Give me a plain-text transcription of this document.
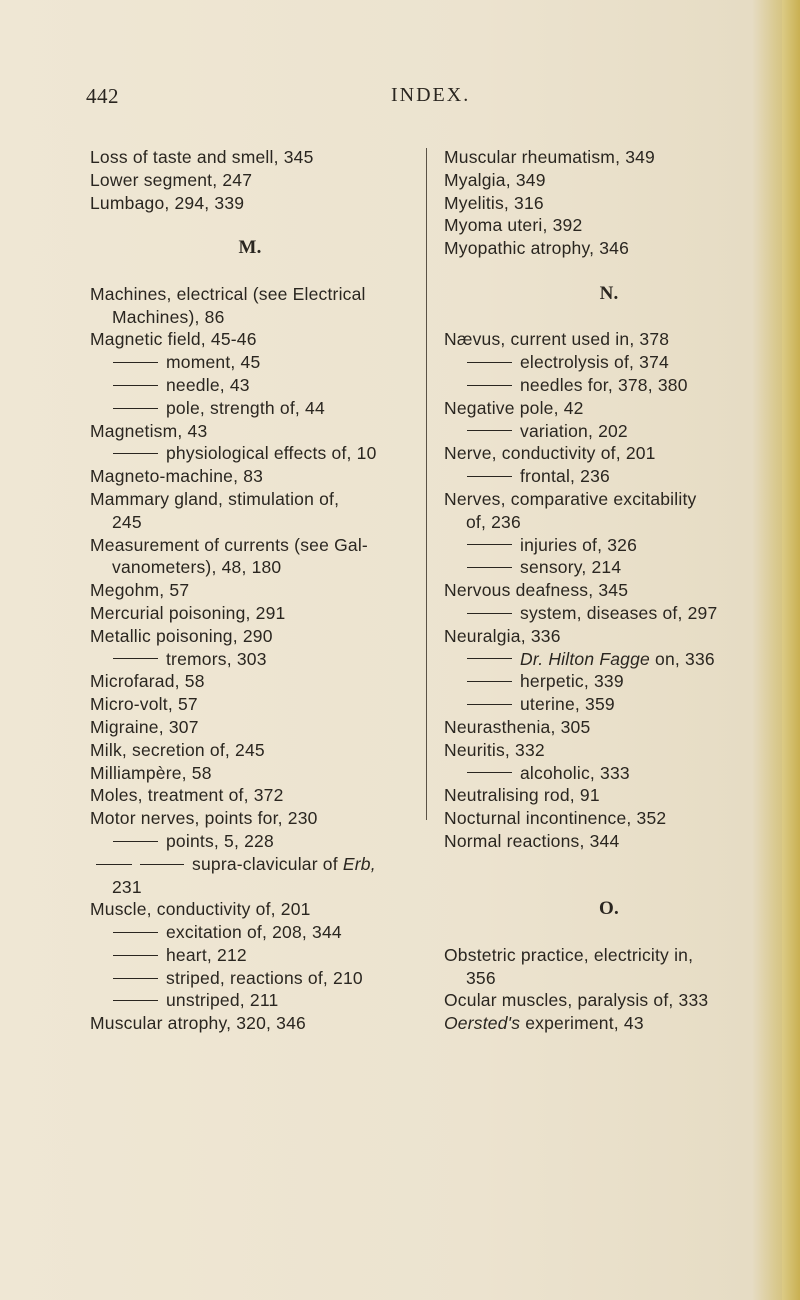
442	INDEX.
Loss of taste and smell, 345
Lower segment, 247
Lumbago, 294, 339
M.
Machines, electrical (see Electrical
Machines), 86
Magnetic field, 45-46
moment, 45
needle, 43
pole, strength of, 44
Magnetism, 43
physiological effects of, 10
Magneto-machine, 83
Mammary gland, stimulation of,
245
Measurement of currents (see Gal-
vanometers), 48, 180
Megohm, 57
Mercurial poisoning, 291
Metallic poisoning, 290
tremors, 303
Microfarad, 58
Micro-volt, 57
Migraine, 307
Milk, secretion of, 245
Milliampère, 58
Moles, treatment of, 372
Motor nerves, points for, 230
points, 5, 228
supra-clavicular of Erb,
231
Muscle, conductivity of, 201
excitation of, 208, 344
heart, 212
striped, reactions of, 210
unstriped, 211
Muscular atrophy, 320, 346
Muscular rheumatism, 349
Myalgia, 349
Myelitis, 316
Myoma uteri, 392
Myopathic atrophy, 346
N.
Nævus, current used in, 378
electrolysis of, 374
needles for, 378, 380
Negative pole, 42
variation, 202
Nerve, conductivity of, 201
frontal, 236
Nerves, comparative excitability
of, 236
injuries of, 326
sensory, 214
Nervous deafness, 345
system, diseases of, 297
Neuralgia, 336
Dr. Hilton Fagge on, 336
herpetic, 339
uterine, 359
Neurasthenia, 305
Neuritis, 332
alcoholic, 333
Neutralising rod, 91
Nocturnal incontinence, 352
Normal reactions, 344
O.
Obstetric practice, electricity in,
356
Ocular muscles, paralysis of, 333
Oersted's experiment, 43
